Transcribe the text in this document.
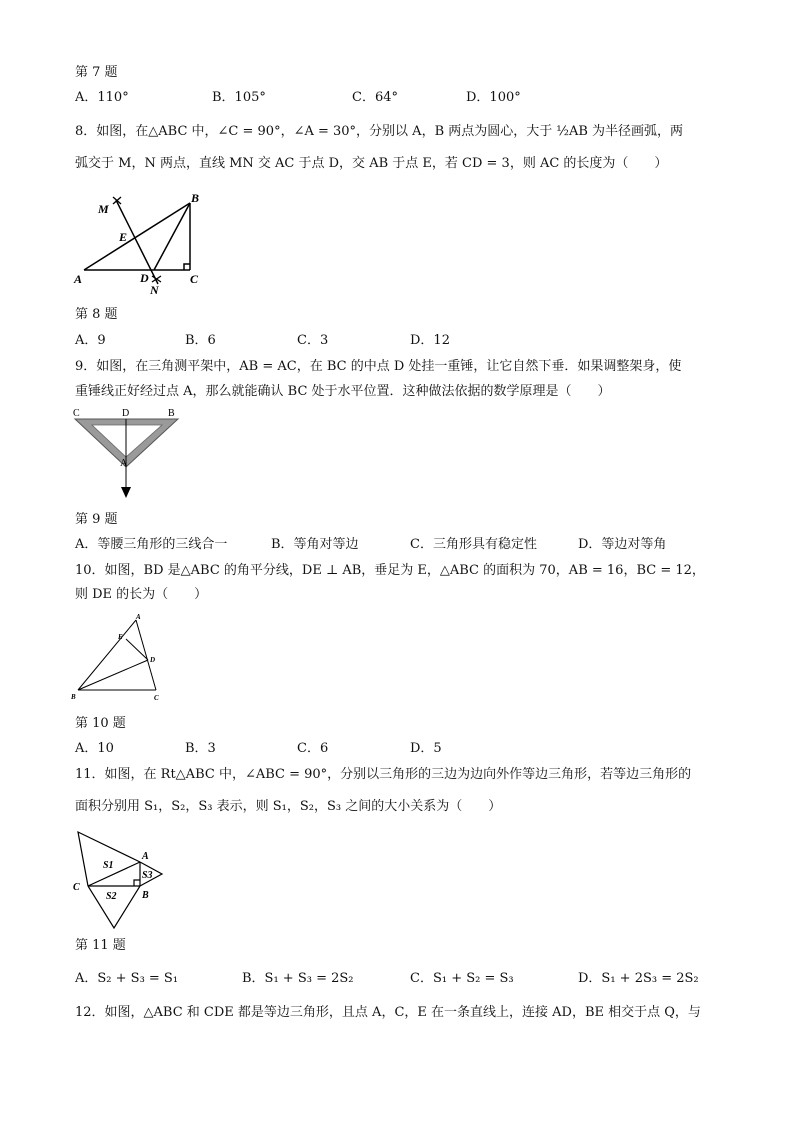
第 7 题
A．110°	B．105°	C．64°	D．100°
8．如图，在△ABC 中，∠C = 90°，∠A = 30°，分别以 A，B 两点为圆心，大于 ½AB 为半径画弧，两
弧交于 M，N 两点，直线 MN 交 AC 于点 D，交 AB 于点 E，若 CD = 3，则 AC 的长度为（　　）
M
B
E
A	D
N
C
第 8 题
A．9	B．6	C．3	D．12
9．如图，在三角测平架中，AB = AC，在 BC 的中点 D 处挂一重锤，让它自然下垂．如果调整架身，使
重锤线正好经过点 A，那么就能确认 BC 处于水平位置．这种做法依据的数学原理是（　　）
C	D	B
A
第 9 题
A．等腰三角形的三线合一	B．等角对等边	C．三角形具有稳定性	D．等边对等角
10．如图，BD 是△ABC 的角平分线，DE ⊥ AB，垂足为 E，△ABC 的面积为 70，AB = 16，BC = 12，
则 DE 的长为（　　）
A
E
D
B	C
第 10 题
A．10	B．3	C．6	D．5
11．如图，在 Rt△ABC 中，∠ABC = 90°，分别以三角形的三边为边向外作等边三角形，若等边三角形的
面积分别用 S₁，S₂，S₃ 表示，则 S₁，S₂，S₃ 之间的大小关系为（　　）
S1
S2
S3
A
B
C
第 11 题
A．S₂ + S₃ = S₁	B．S₁ + S₃ = 2S₂	C．S₁ + S₂ = S₃	D．S₁ + 2S₃ = 2S₂
12．如图，△ABC 和 CDE 都是等边三角形，且点 A，C，E 在一条直线上，连接 AD，BE 相交于点 Q，与
